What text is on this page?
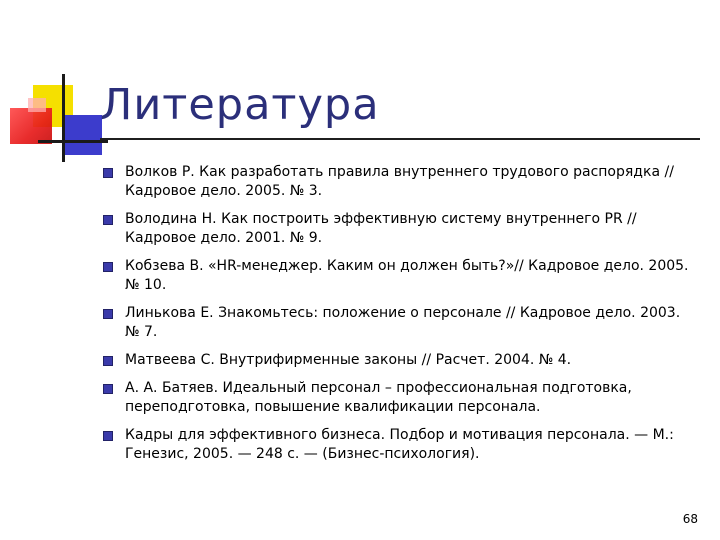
Литература
Волков Р. Как разработать правила внутреннего трудового распорядка // Кадровое дело. 2005. № 3.
Володина Н. Как построить эффективную систему внутреннего PR // Кадровое дело. 2001. № 9.
Кобзева В. «HR-менеджер. Каким он должен быть?»// Кадровое дело. 2005. № 10.
Линькова Е. Знакомьтесь: положение о персонале // Кадровое дело. 2003. № 7.
Матвеева С. Внутрифирменные законы // Расчет. 2004. № 4.
А. А. Батяев. Идеальный персонал – профессиональная подготовка, переподготовка, повышение квалификации персонала.
Кадры для эффективного бизнеса. Подбор и мотивация персонала. — М.: Генезис, 2005. — 248 с. — (Бизнес-психология).
68
